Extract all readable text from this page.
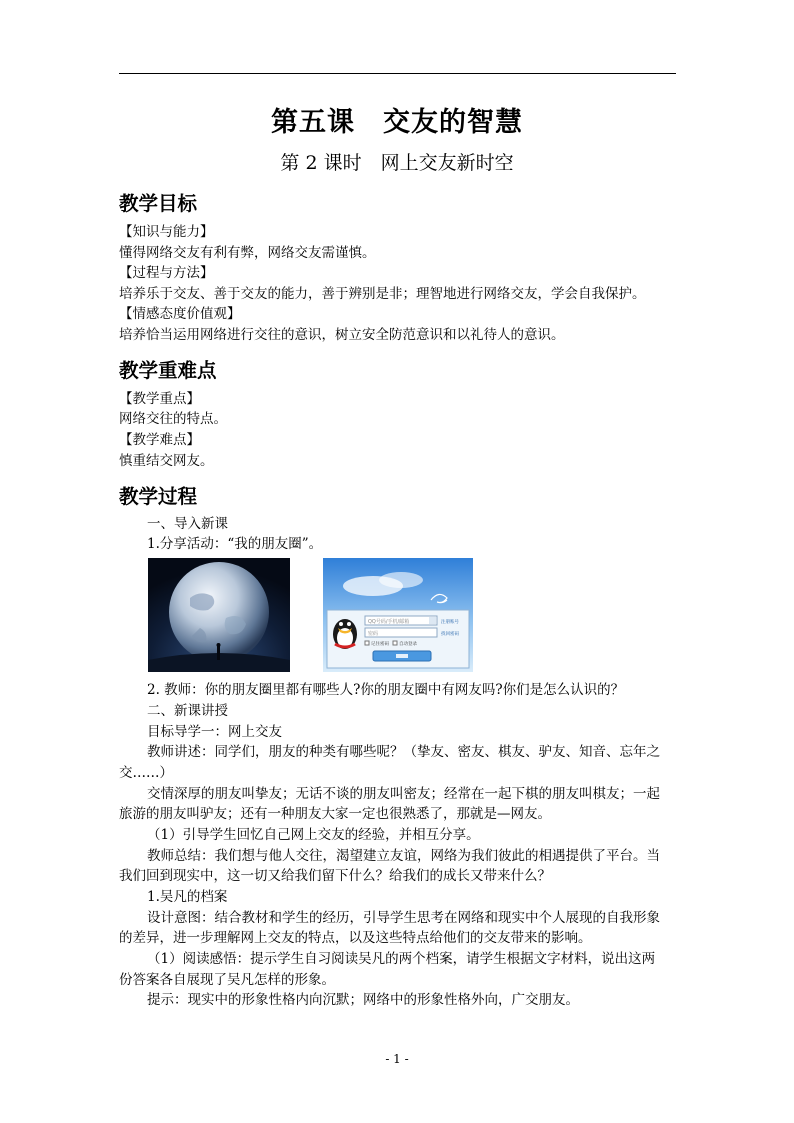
第五课　交友的智慧
第 2 课时　网上交友新时空
教学目标
【知识与能力】
懂得网络交友有利有弊，网络交友需谨慎。
【过程与方法】
培养乐于交友、善于交友的能力，善于辨别是非；理智地进行网络交友，学会自我保护。
【情感态度价值观】
培养恰当运用网络进行交往的意识，树立安全防范意识和以礼待人的意识。
教学重难点
【教学重点】
网络交往的特点。
【教学难点】
慎重结交网友。
教学过程
一、导入新课
1.分享活动：“我的朋友圈”。
QQ号码/手机/邮箱	注册账号
密码	找回密码
记住密码 自动登录
2. 教师：你的朋友圈里都有哪些人?你的朋友圈中有网友吗?你们是怎么认识的？
二、新课讲授
目标导学一：网上交友
教师讲述：同学们，朋友的种类有哪些呢？（挚友、密友、棋友、驴友、知音、忘年之
交……）
交情深厚的朋友叫挚友；无话不谈的朋友叫密友；经常在一起下棋的朋友叫棋友；一起
旅游的朋友叫驴友；还有一种朋友大家一定也很熟悉了，那就是—网友。
（1）引导学生回忆自己网上交友的经验，并相互分享。
教师总结：我们想与他人交往，渴望建立友谊，网络为我们彼此的相遇提供了平台。当
我们回到现实中，这一切又给我们留下什么？给我们的成长又带来什么？
1.吴凡的档案
设计意图：结合教材和学生的经历，引导学生思考在网络和现实中个人展现的自我形象
的差异，进一步理解网上交友的特点，以及这些特点给他们的交友带来的影响。
（1）阅读感悟：提示学生自习阅读吴凡的两个档案，请学生根据文字材料，说出这两
份答案各自展现了吴凡怎样的形象。
提示：现实中的形象性格内向沉默；网络中的形象性格外向，广交朋友。
- 1 -
